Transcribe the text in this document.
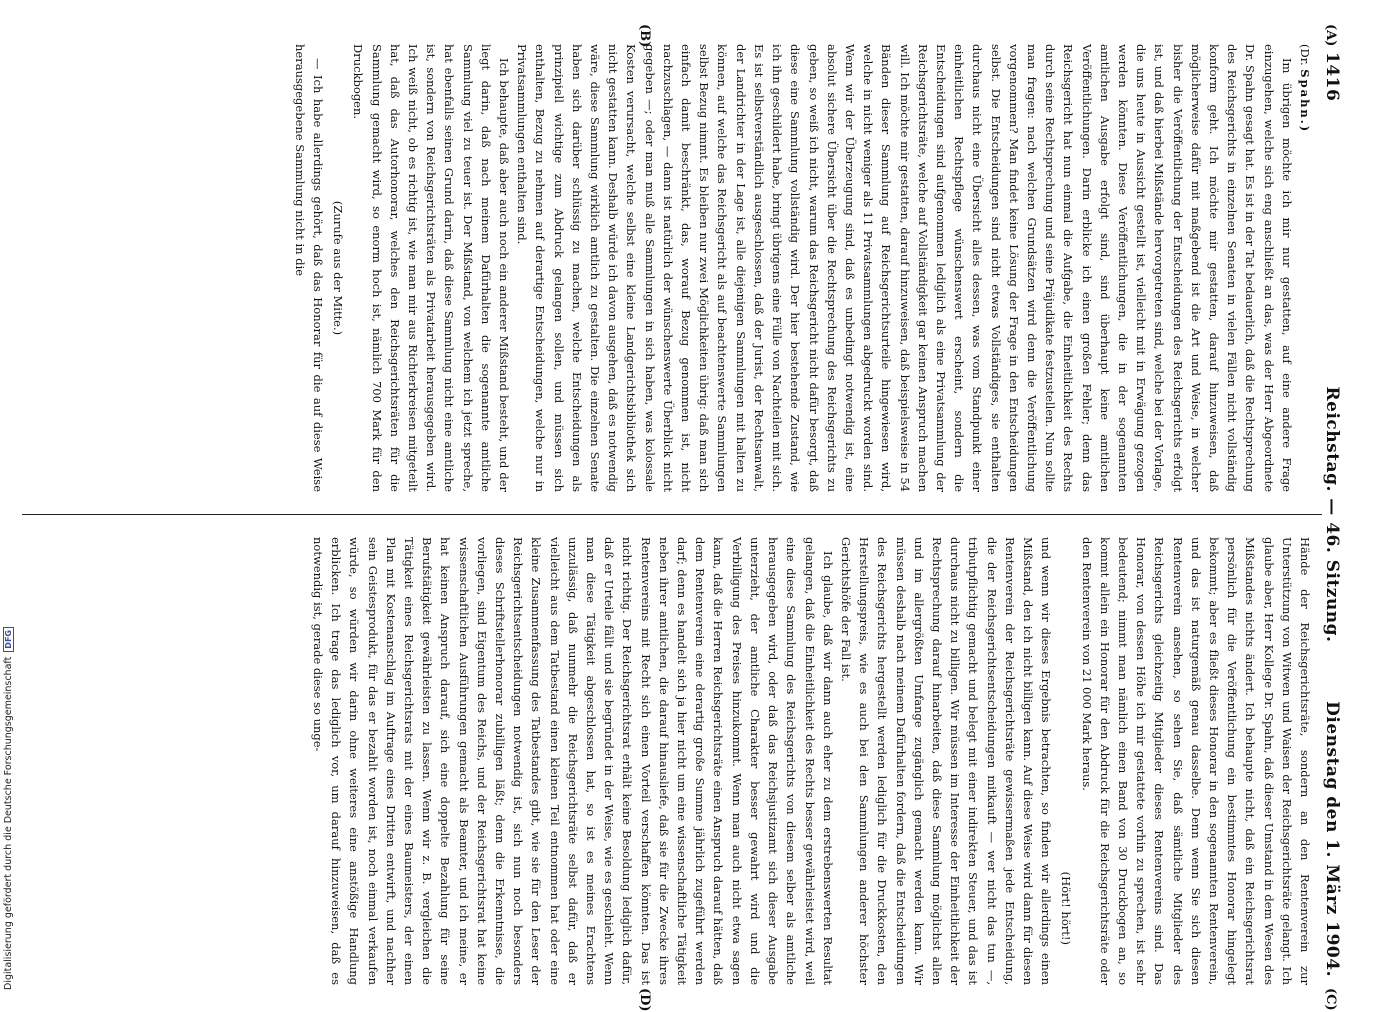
1416
Reichstag. — 46. Sitzung.
Dienstag den 1. März 1904.
(A)
(B)
(C)
(D)
(Dr. Spahn.)

Im übrigen möchte ich mir nur gestatten, auf eine andere Frage einzugehen, welche sich eng anschließt an das, was der Herr Abgeordnete Dr. Spahn gesagt hat. Es ist in der Tat bedauerlich, daß die Rechtsprechung des Reichsgerichts in einzelnen Senaten in vielen Fällen nicht vollständig konform geht. Ich möchte mir gestatten, darauf hinzuweisen, daß möglicherweise dafür mit maßgebend ist die Art und Weise, in welcher bisher die Veröffentlichung der Entscheidungen des Reichsgerichts erfolgt ist, und daß hierbei Mißstände hervorgetreten sind, welche bei der Vorlage, die uns heute in Aussicht gestellt ist, vielleicht mit in Erwägung gezogen werden könnten. Diese Veröffentlichungen, die in der sogenannten amtlichen Ausgabe erfolgt sind, sind überhaupt keine amtlichen Veröffentlichungen. Darin erblicke ich einen großen Fehler; denn das Reichsgericht hat nun einmal die Aufgabe, die Einheitlichkeit des Rechts durch seine Rechtsprechung und seine Präjudikate festzustellen. Nun sollte man fragen: nach welchen Grundsätzen wird denn die Veröffentlichung vorgenommen? Man findet keine Lösung der Frage in den Entscheidungen selbst. Die Entscheidungen sind nicht etwas Vollständiges, sie enthalten durchaus nicht eine Übersicht alles dessen, was vom Standpunkt einer einheitlichen Rechtspflege wünschenswert erscheint, sondern die Entscheidungen sind aufgenommen lediglich als eine Privatsammlung der Reichsgerichtsräte, welche auf Vollständigkeit gar keinen Anspruch machen will. Ich möchte mir gestatten, darauf hinzuweisen, daß beispielsweise in 54 Bänden dieser Sammlung auf Reichsgerichtsurteile hingewiesen wird, welche in nicht weniger als 11 Privatsammlungen abgedruckt worden sind. Wenn wir der Überzeugung sind, daß es unbedingt notwendig ist, eine absolut sichere Übersicht über die Rechtsprechung des Reichsgerichts zu geben, so weiß ich nicht, warum das Reichsgericht nicht dafür besorgt, daß diese eine Sammlung vollständig wird. Der hier bestehende Zustand, wie ich ihn geschildert habe, bringt übrigens eine Fülle von Nachteilen mit sich. Es ist selbstverständlich ausgeschlossen, daß der Jurist, der Rechtsanwalt, der Landrichter in der Lage ist, alle diejenigen Sammlungen mit halten zu können, auf welche das Reichsgericht als auf beachtenswerte Sammlungen selbst Bezug nimmt. Es bleiben nur zwei Möglichkeiten übrig: daß man sich einfach damit beschränkt, das, worauf Bezug genommen ist, nicht nachzuschlagen, — dann ist natürlich der wünschenswerte Überblick nicht gegeben —; oder man muß alle Sammlungen in sich haben, was kolossale Kosten verursacht, welche selbst eine kleine Landgerichtsbibliothek sich nicht gestatten kann. Deshalb würde ich davon ausgehen, daß es notwendig wäre, diese Sammlung wirklich amtlich zu gestalten. Die einzelnen Senate haben sich darüber schlüssig zu machen, welche Entscheidungen als prinzipiell wichtige zum Abdruck gelangen sollen, und müssen sich enthalten, Bezug zu nehmen auf derartige Entscheidungen, welche nur in Privatsammlungen enthalten sind.

Ich behaupte, daß aber auch noch ein anderer Mißstand besteht, und der liegt darin, daß nach meinem Dafürhalten die sogenannte amtliche Sammlung viel zu teuer ist. Der Mißstand, von welchem ich jetzt spreche, hat ebenfalls seinen Grund darin, daß diese Sammlung nicht eine amtliche ist, sondern von Reichsgerichtsräten als Privatarbeit herausgegeben wird. Ich weiß nicht, ob es richtig ist, wie man mir aus Richterkreisen mitgeteilt hat, daß das Autorhonorar, welches den Reichsgerichtsräten für die Sammlung gemacht wird, so enorm hoch ist, nämlich 700 Mark für den Druckbogen.

(Zurufe aus der Mitte.)

— Ich habe allerdings gehört, daß das Honorar für die auf diese Weise herausgegebene Sammlung nicht in die

Hände der Reichsgerichtsräte, sondern an den Rentenverein zur Unterstützung von Witwen und Waisen der Reichsgerichtsräte gelangt. Ich glaube aber, Herr Kollege Dr. Spahn, daß dieser Umstand in dem Wesen des Mißstandes nichts ändert. Ich behaupte nicht, daß ein Reichsgerichtsrat persönlich für die Veröffentlichung ein bestimmtes Honorar hingelegt bekommt; aber es fließt dieses Honorar in den sogenannten Rentenverein, und das ist naturgemäß genau dasselbe. Denn wenn Sie sich diesen Rentenverein ansehen, so sehen Sie, daß sämtliche Mitglieder des Reichsgerichts gleichzeitig Mitglieder dieses Rentenvereins sind. Das Honorar, von dessen Höhe ich mir gestattete vorhin zu sprechen, ist sehr bedeutend; nimmt man nämlich einen Band von 30 Druckbogen an, so kommt allein ein Honorar für den Abdruck für die Reichsgerichtsräte oder den Rentenverein von 21 000 Mark heraus.

(Hört! hört!)

und wenn wir dieses Ergebnis betrachten, so finden wir allerdings einen Mißstand, den ich nicht billigen kann. Auf diese Weise wird dann für diesen Rentenverein der Reichsgerichtsräte gewissermaßen jede Entscheidung, die der Reichsgerichtsentscheidungen mitkauft — wer nicht das tun —, tributpflichtig gemacht und belegt mit einer indirekten Steuer, und das ist durchaus nicht zu billigen. Wir müssen im Interesse der Einheitlichkeit der Rechtsprechung darauf hinarbeiten, daß diese Sammlung möglichst allen und im allergrößten Umfange zugänglich gemacht werden kann. Wir müssen deshalb nach meinem Dafürhalten fordern, daß die Entscheidungen des Reichsgerichts hergestellt werden lediglich für die Druckkosten, den Herstellungspreis, wie es auch bei den Sammlungen anderer höchster Gerichtshöfe der Fall ist.

Ich glaube, daß wir dann auch eher zu dem erstrebenswerten Resultat gelangen, daß die Einheitlichkeit des Rechts besser gewährleistet wird, weil eine diese Sammlung des Reichsgerichts von diesem selber als amtliche herausgegeben wird, oder daß das Reichsjustizamt sich dieser Ausgabe unterzieht, der amtliche Charakter besser gewahrt wird und die Verbilligung des Preises hinzukommt. Wenn man auch nicht etwa sagen kann, daß die Herren Reichsgerichtsräte einen Anspruch darauf hätten, daß dem Rentenverein eine derartig große Summe jährlich zugeführt werden darf; denn es handelt sich ja hier nicht um eine wissenschaftliche Tätigkeit neben ihrer amtlichen, die darauf hinausliefe, daß sie für die Zwecke ihres Rentenvereins mit Recht sich einen Vorteil verschaffen könnten. Das ist nicht richtig. Der Reichsgerichtsrat erhält keine Besoldung lediglich dafür, daß er Urteile fällt und sie begründet in der Weise, wie es geschieht. Wenn man diese Tätigkeit abgeschlossen hat, so ist es meines Erachtens unzulässig, daß nunmehr die Reichsgerichtsräte selbst dafür, daß er vielleicht aus dem Tatbestand einen kleinen Teil entnommen hat oder eine kleine Zusammenfassung des Tatbestandes gibt, wie sie für den Leser der Reichsgerichtsentscheidungen notwendig ist, sich nun noch besonders dieses Schriftstellerhonorar zubilligen läßt; denn die Erkenntnisse, die vorliegen, sind Eigentum des Reichs, und der Reichsgerichtsrat hat keine wissenschaftlichen Ausführungen gemacht als Beamter, und ich meine, er hat keinen Anspruch darauf, sich eine doppelte Bezahlung für seine Berufstätigkeit gewährleisten zu lassen. Wenn wir z. B. vergleichen die Tätigkeit eines Reichsgerichtsrats mit der eines Baumeisters, der einen Plan mit Kostenanschlag im Auftrage eines Dritten entwirft, und nachher sein Geistesprodukt, für das er bezahlt worden ist, noch einmal verkaufen würde, so würden wir darin ohne weiteres eine anstößige Handlung erblicken. Ich trage das lediglich vor, um darauf hinzuweisen, daß es notwendig ist, gerade diese so unge-

Digitalisierung gefördert durch die Deutsche ForschungsgemeinschaftDFG
